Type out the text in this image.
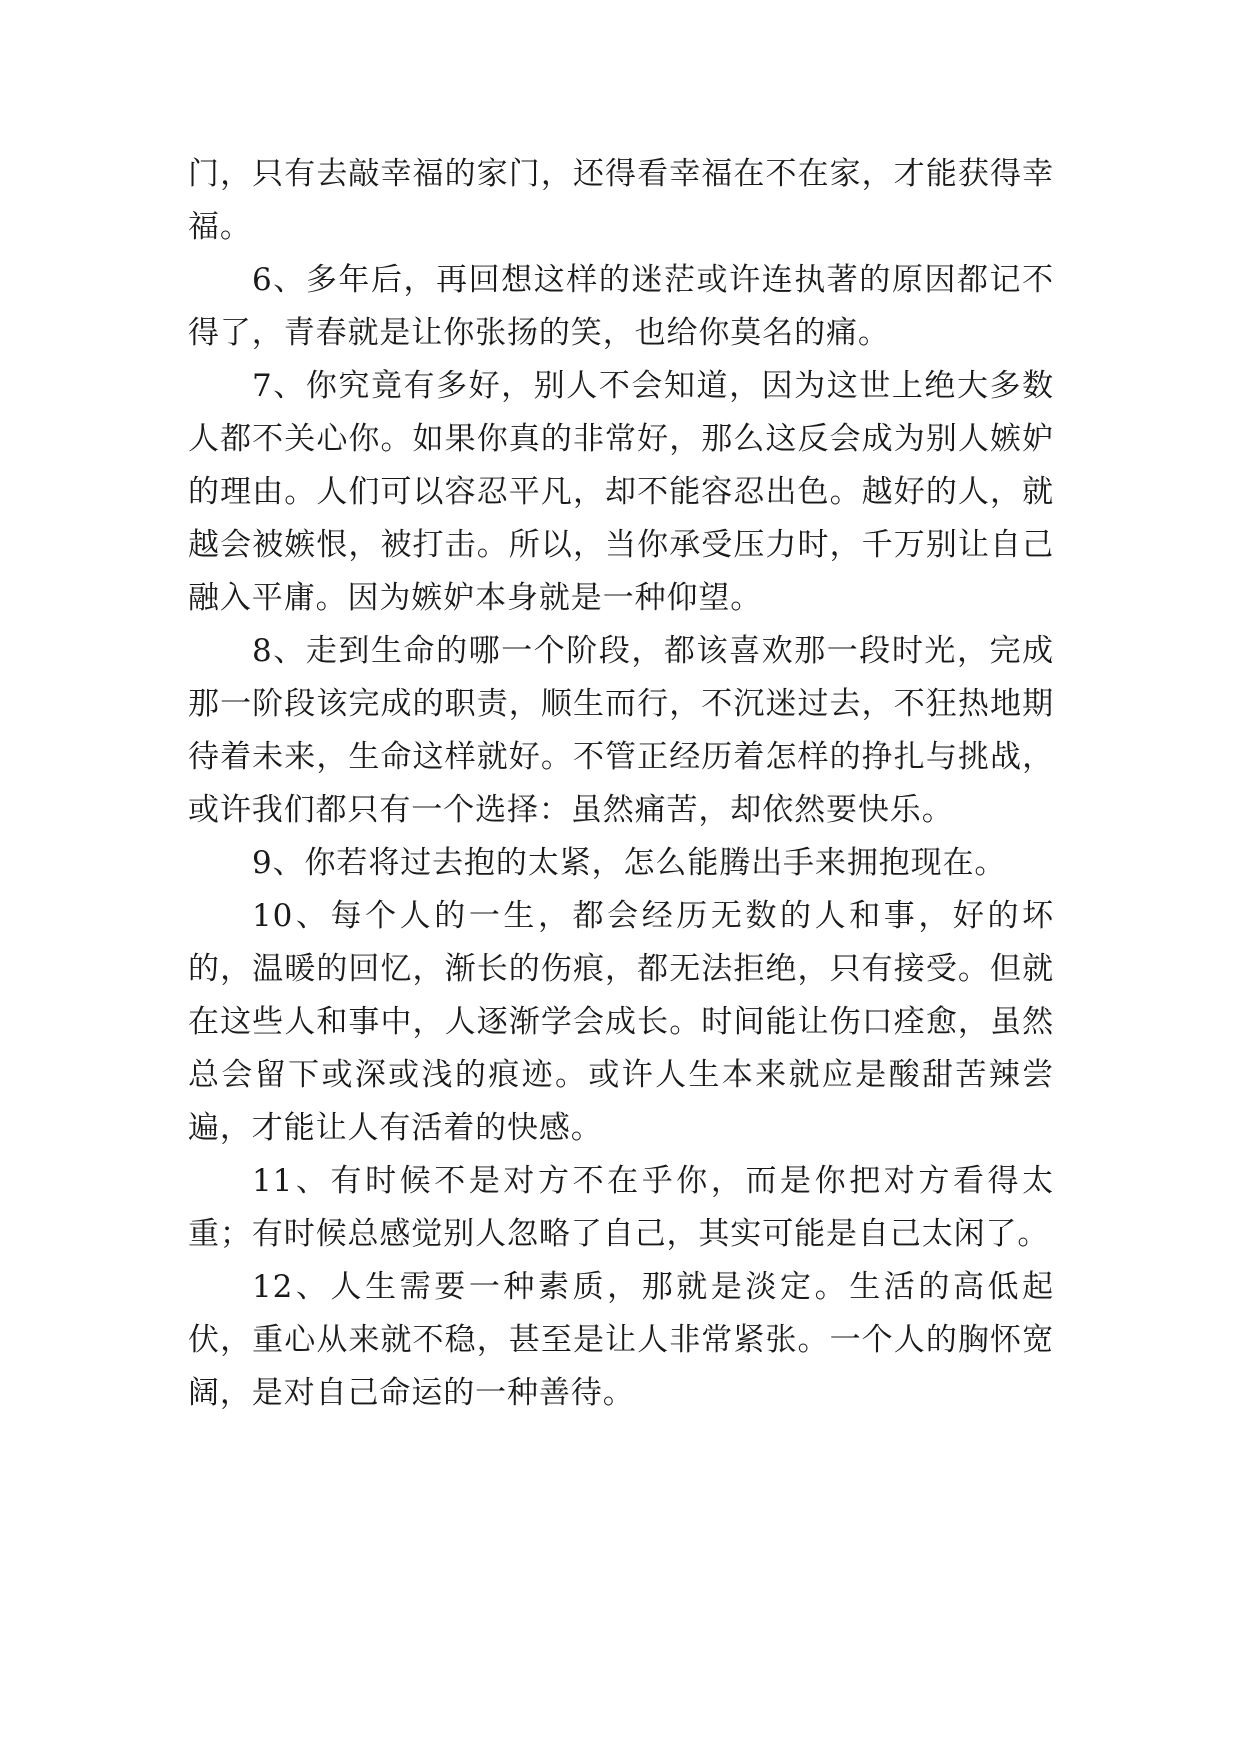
门，只有去敲幸福的家门，还得看幸福在不在家，才能获得幸福。

6、多年后，再回想这样的迷茫或许连执著的原因都记不得了，青春就是让你张扬的笑，也给你莫名的痛。

7、你究竟有多好，别人不会知道，因为这世上绝大多数人都不关心你。如果你真的非常好，那么这反会成为别人嫉妒的理由。人们可以容忍平凡，却不能容忍出色。越好的人，就越会被嫉恨，被打击。所以，当你承受压力时，千万别让自己融入平庸。因为嫉妒本身就是一种仰望。

8、走到生命的哪一个阶段，都该喜欢那一段时光，完成那一阶段该完成的职责，顺生而行，不沉迷过去，不狂热地期待着未来，生命这样就好。不管正经历着怎样的挣扎与挑战，或许我们都只有一个选择：虽然痛苦，却依然要快乐。

9、你若将过去抱的太紧，怎么能腾出手来拥抱现在。

10、每个人的一生，都会经历无数的人和事，好的坏的，温暖的回忆，渐长的伤痕，都无法拒绝，只有接受。但就在这些人和事中，人逐渐学会成长。时间能让伤口痊愈，虽然总会留下或深或浅的痕迹。或许人生本来就应是酸甜苦辣尝遍，才能让人有活着的快感。

11、有时候不是对方不在乎你，而是你把对方看得太重；有时候总感觉别人忽略了自己，其实可能是自己太闲了。

12、人生需要一种素质，那就是淡定。生活的高低起伏，重心从来就不稳，甚至是让人非常紧张。一个人的胸怀宽阔，是对自己命运的一种善待。
